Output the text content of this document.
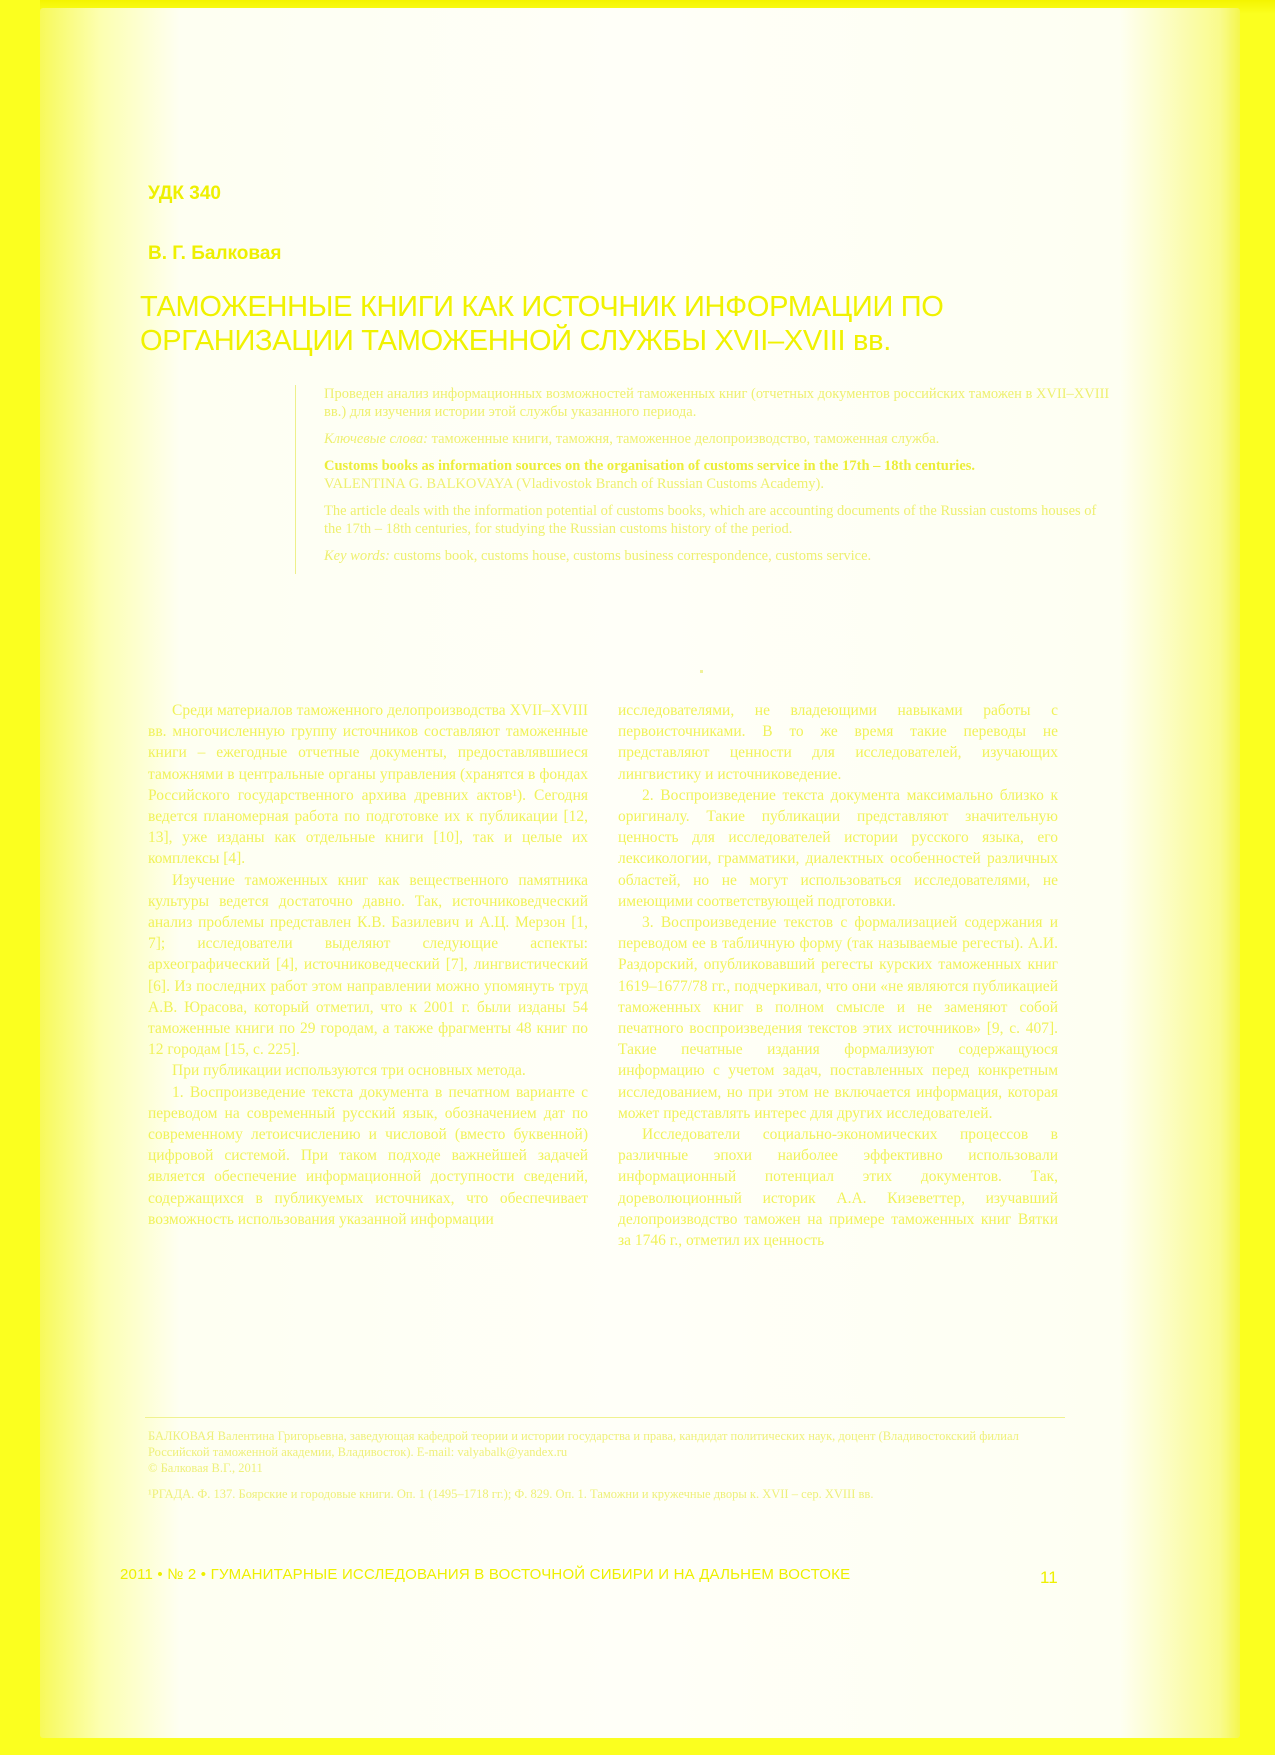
УДК 340
В. Г. Балковая
ТАМОЖЕННЫЕ КНИГИ КАК ИСТОЧНИК ИНФОРМАЦИИ ПО ОРГАНИЗАЦИИ ТАМОЖЕННОЙ СЛУЖБЫ XVII–XVIII вв.

Проведен анализ информационных возможностей таможенных книг (отчетных документов российских таможен в XVII–XVIII вв.) для изучения истории этой службы указанного периода.

Ключевые слова: таможенные книги, таможня, таможенное делопроизводство, таможенная служба.

Customs books as information sources on the organisation of customs service in the 17th – 18th centuries.
VALENTINA G. BALKOVAYA (Vladivostok Branch of Russian Customs Academy).

The article deals with the information potential of customs books, which are accounting documents of the Russian customs houses of the 17th – 18th centuries, for studying the Russian customs history of the period.

Key words: customs book, customs house, customs business correspondence, customs service.

Среди материалов таможенного делопроизводства XVII–XVIII вв. многочисленную группу источников составляют таможенные книги – ежегодные отчетные документы, предоставлявшиеся таможнями в центральные органы управления (хранятся в фондах Российского государственного архива древних актов¹). Сегодня ведется планомерная работа по подготовке их к публикации [12, 13], уже изданы как отдельные книги [10], так и целые их комплексы [4].

Изучение таможенных книг как вещественного памятника культуры ведется достаточно давно. Так, источниковедческий анализ проблемы представлен К.В. Базилевич и А.Ц. Мерзон [1, 7]; исследователи выделяют следующие аспекты: археографический [4], источниковедческий [7], лингвистический [6]. Из последних работ этом направлении можно упомянуть труд А.В. Юрасова, который отметил, что к 2001 г. были изданы 54 таможенные книги по 29 городам, а также фрагменты 48 книг по 12 городам [15, с. 225].

При публикации используются три основных метода.

1. Воспроизведение текста документа в печатном варианте с переводом на современный русский язык, обозначением дат по современному летоисчислению и числовой (вместо буквенной) цифровой системой. При таком подходе важнейшей задачей является обеспечение информационной доступности сведений, содержащихся в публикуемых источниках, что обеспечивает возможность использования указанной информации

исследователями, не владеющими навыками работы с первоисточниками. В то же время такие переводы не представляют ценности для исследователей, изучающих лингвистику и источниковедение.

2. Воспроизведение текста документа максимально близко к оригиналу. Такие публикации представляют значительную ценность для исследователей истории русского языка, его лексикологии, грамматики, диалектных особенностей различных областей, но не могут использоваться исследователями, не имеющими соответствующей подготовки.

3. Воспроизведение текстов с формализацией содержания и переводом ее в табличную форму (так называемые регесты). А.И. Раздорский, опубликовавший регесты курских таможенных книг 1619–1677/78 гг., подчеркивал, что они «не являются публикацией таможенных книг в полном смысле и не заменяют собой печатного воспроизведения текстов этих источников» [9, с. 407]. Такие печатные издания формализуют содержащуюся информацию с учетом задач, поставленных перед конкретным исследованием, но при этом не включается информация, которая может представлять интерес для других исследователей.

Исследователи социально-экономических процессов в различные эпохи наиболее эффективно использовали информационный потенциал этих документов. Так, дореволюционный историк А.А. Кизеветтер, изучавший делопроизводство таможен на примере таможенных книг Вятки за 1746 г., отметил их ценность

БАЛКОВАЯ Валентина Григорьевна, заведующая кафедрой теории и истории государства и права, кандидат политических наук, доцент (Владивостокский филиал Российской таможенной академии, Владивосток). E-mail: valyabalk@yandex.ru
© Балковая В.Г., 2011

¹РГАДА. Ф. 137. Боярские и городовые книги. Оп. 1 (1495–1718 гг.); Ф. 829. Оп. 1. Таможни и кружечные дворы к. XVII – сер. XVIII вв.

2011 • № 2 • ГУМАНИТАРНЫЕ ИССЛЕДОВАНИЯ В ВОСТОЧНОЙ СИБИРИ И НА ДАЛЬНЕМ ВОСТОКЕ	11
